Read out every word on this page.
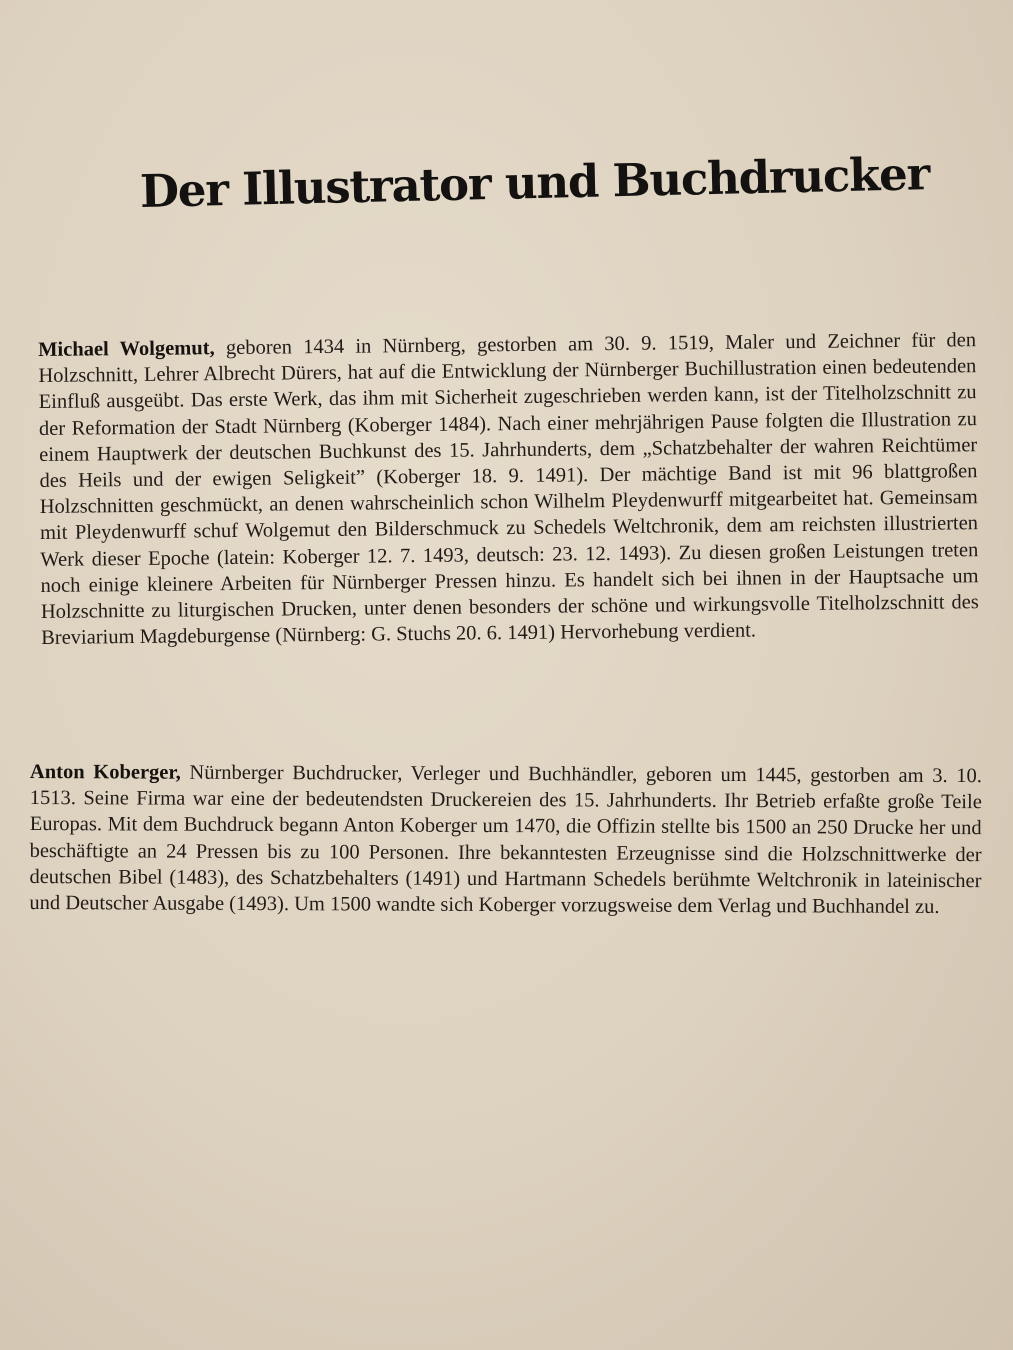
Der Illustrator und Buchdrucker

Michael Wolgemut, geboren 1434 in Nürnberg, gestorben am 30. 9. 1519, Maler und Zeichner für den Holzschnitt, Lehrer Albrecht Dürers, hat auf die Entwicklung der Nürnberger Buchillustration einen bedeutenden Einfluß ausgeübt. Das erste Werk, das ihm mit Sicherheit zugeschrieben werden kann, ist der Titelholzschnitt zu der Reformation der Stadt Nürnberg (Koberger 1484). Nach einer mehrjährigen Pause folgten die Illustration zu einem Hauptwerk der deutschen Buchkunst des 15. Jahrhunderts, dem „Schatzbehalter der wahren Reichtümer des Heils und der ewigen Seligkeit” (Koberger 18. 9. 1491). Der mächtige Band ist mit 96 blattgroßen Holzschnitten geschmückt, an denen wahrscheinlich schon Wilhelm Pleydenwurff mitgearbeitet hat. Gemeinsam mit Pleydenwurff schuf Wolgemut den Bilderschmuck zu Schedels Weltchronik, dem am reichsten illustrierten Werk dieser Epoche (latein: Koberger 12. 7. 1493, deutsch: 23. 12. 1493). Zu diesen großen Leistungen treten noch einige kleinere Arbeiten für Nürnberger Pressen hinzu. Es handelt sich bei ihnen in der Hauptsache um Holzschnitte zu liturgischen Drucken, unter denen besonders der schöne und wirkungsvolle Titelholzschnitt des Breviarium Magdeburgense (Nürnberg: G. Stuchs 20. 6. 1491) Hervorhebung verdient.

Anton Koberger, Nürnberger Buchdrucker, Verleger und Buchhändler, geboren um 1445, gestorben am 3. 10. 1513. Seine Firma war eine der bedeutendsten Druckereien des 15. Jahrhunderts. Ihr Betrieb erfaßte große Teile Europas. Mit dem Buchdruck begann Anton Koberger um 1470, die Offizin stellte bis 1500 an 250 Drucke her und beschäftigte an 24 Pressen bis zu 100 Personen. Ihre bekanntesten Erzeugnisse sind die Holzschnittwerke der deutschen Bibel (1483), des Schatzbehalters (1491) und Hartmann Schedels berühmte Weltchronik in lateinischer und Deutscher Ausgabe (1493). Um 1500 wandte sich Koberger vorzugsweise dem Verlag und Buchhandel zu.
